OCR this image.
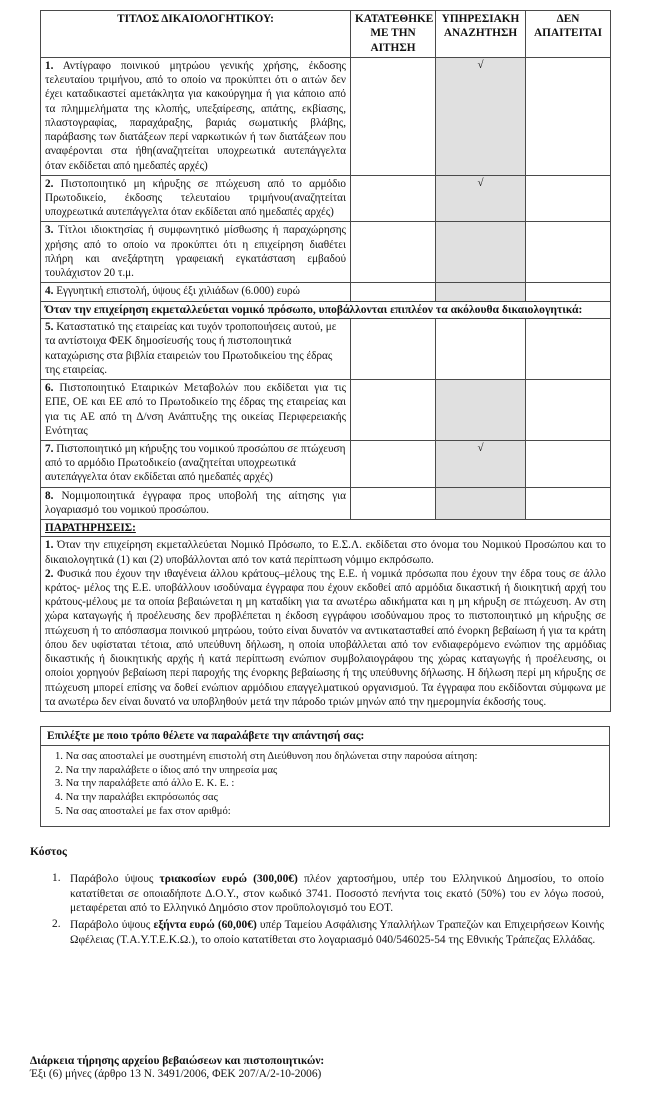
ΤΙΤΛΟΣ ΔΙΚΑΙΟΛΟΓΗΤΙΚΟΥ:	ΚΑΤΑΤΕΘΗΚΕ ΜΕ ΤΗΝ ΑΙΤΗΣΗ	ΥΠΗΡΕΣΙΑΚΗ ΑΝΑΖΗΤΗΣΗ	ΔΕΝ ΑΠΑΙΤΕΙΤΑΙ
1. Αντίγραφο ποινικού μητρώου γενικής χρήσης, έκδοσης τελευταίου τριμήνου, από το οποίο να προκύπτει ότι ο αιτών δεν έχει καταδικαστεί αμετάκλητα για κακούργημα ή για κάποιο από τα πλημμελήματα της κλοπής, υπεξαίρεσης, απάτης, εκβίασης, πλαστογραφίας, παραχάραξης, βαριάς σωματικής βλάβης, παράβασης των διατάξεων περί ναρκωτικών ή των διατάξεων που αναφέρονται στα ήθη(αναζητείται υποχρεωτικά αυτεπάγγελτα όταν εκδίδεται από ημεδαπές αρχές)		√	
2. Πιστοποιητικό μη κήρυξης σε πτώχευση από το αρμόδιο Πρωτοδικείο, έκδοσης τελευταίου τριμήνου(αναζητείται υποχρεωτικά αυτεπάγγελτα όταν εκδίδεται από ημεδαπές αρχές)		√	
3. Τίτλοι ιδιοκτησίας ή συμφωνητικό μίσθωσης ή παραχώρησης χρήσης από το οποίο να προκύπτει ότι η επιχείρηση διαθέτει πλήρη και ανεξάρτητη γραφειακή εγκατάσταση εμβαδού τουλάχιστον 20 τ.μ.			
4. Εγγυητική επιστολή, ύψους έξι χιλιάδων (6.000) ευρώ			
Όταν την επιχείρηση εκμεταλλεύεται νομικό πρόσωπο, υποβάλλονται επιπλέον τα ακόλουθα δικαιολογητικά:			
5. Καταστατικό της εταιρείας και τυχόν τροποποιήσεις αυτού, με τα αντίστοιχα ΦΕΚ δημοσίευσής τους ή πιστοποιητικά καταχώρισης στα βιβλία εταιρειών του Πρωτοδικείου της έδρας της εταιρείας.			
6. Πιστοποιητικό Εταιρικών Μεταβολών που εκδίδεται για τις ΕΠΕ, ΟΕ και ΕΕ από το Πρωτοδικείο της έδρας της εταιρείας και για τις ΑΕ από τη Δ/νση Ανάπτυξης της οικείας Περιφερειακής Ενότητας			
7. Πιστοποιητικό μη κήρυξης του νομικού προσώπου σε πτώχευση από το αρμόδιο Πρωτοδικείο (αναζητείται υποχρεωτικά αυτεπάγγελτα όταν εκδίδεται από ημεδαπές αρχές)		√	
8. Νομιμοποιητικά έγγραφα προς υποβολή της αίτησης για λογαριασμό του νομικού προσώπου.			
ΠΑΡΑΤΗΡΗΣΕΙΣ:			

1. Όταν την επιχείρηση εκμεταλλεύεται Νομικό Πρόσωπο, το Ε.Σ.Λ. εκδίδεται στο όνομα του Νομικού Προσώπου και το δικαιολογητικά (1) και (2) υποβάλλονται από τον κατά περίπτωση νόμιμο εκπρόσωπο.

2. Φυσικά που έχουν την ιθαγένεια άλλου κράτους–μέλους της Ε.Ε. ή νομικά πρόσωπα που έχουν την έδρα τους σε άλλο κράτος- μέλος της Ε.Ε. υποβάλλουν ισοδύναμα έγγραφα που έχουν εκδοθεί από αρμόδια δικαστική ή διοικητική αρχή του κράτους-μέλους με τα οποία βεβαιώνεται η μη καταδίκη για τα ανωτέρω αδικήματα και η μη κήρυξη σε πτώχευση. Αν στη χώρα καταγωγής ή προέλευσης δεν προβλέπεται η έκδοση εγγράφου ισοδύναμου προς το πιστοποιητικό μη κήρυξης σε πτώχευση ή το απόσπασμα ποινικού μητρώου, τούτο είναι δυνατόν να αντικατασταθεί από ένορκη βεβαίωση ή για τα κράτη όπου δεν υφίσταται τέτοια, από υπεύθυνη δήλωση, η οποία υποβάλλεται από τον ενδιαφερόμενο ενώπιον της αρμόδιας δικαστικής ή διοικητικής αρχής ή κατά περίπτωση ενώπιον συμβολαιογράφου της χώρας καταγωγής ή προέλευσης, οι οποίοι χορηγούν βεβαίωση περί παροχής της ένορκης βεβαίωσης ή της υπεύθυνης δήλωσης. Η δήλωση περί μη κήρυξης σε πτώχευση μπορεί επίσης να δοθεί ενώπιον αρμόδιου επαγγελματικού οργανισμού. Τα έγγραφα που εκδίδονται σύμφωνα με τα ανωτέρω δεν είναι δυνατό να υποβληθούν μετά την πάροδο τριών μηνών από την ημερομηνία έκδοσής τους.			

Επιλέξτε με ποιο τρόπο θέλετε να παραλάβετε την απάντησή σας:
1. Να σας αποσταλεί με συστημένη επιστολή στη Διεύθυνση που δηλώνεται στην παρούσα αίτηση:
2. Να την παραλάβετε ο ίδιος από την υπηρεσία μας
3. Να την παραλάβετε από άλλο Ε. Κ. Ε. :
4. Να την παραλάβει εκπρόσωπός σας
5. Να σας αποσταλεί με fax στον αριθμό:
Κόστος
1. Παράβολο ύψους τριακοσίων ευρώ (300,00€) πλέον χαρτοσήμου, υπέρ του Ελληνικού Δημοσίου, το οποίο κατατίθεται σε οποιαδήποτε Δ.Ο.Υ., στον κωδικό 3741. Ποσοστό πενήντα τοις εκατό (50%) του εν λόγω ποσού, μεταφέρεται από το Ελληνικό Δημόσιο στον προϋπολογισμό του ΕΟΤ.
2. Παράβολο ύψους εξήντα ευρώ (60,00€) υπέρ Ταμείου Ασφάλισης Υπαλλήλων Τραπεζών και Επιχειρήσεων Κοινής Ωφέλειας (Τ.Α.Υ.Τ.Ε.Κ.Ω.), το οποίο κατατίθεται στο λογαριασμό 040/546025-54 της Εθνικής Τράπεζας Ελλάδας.
Διάρκεια τήρησης αρχείου βεβαιώσεων και πιστοποιητικών:
Έξι (6) μήνες (άρθρο 13 Ν. 3491/2006, ΦΕΚ 207/Α/2-10-2006)
